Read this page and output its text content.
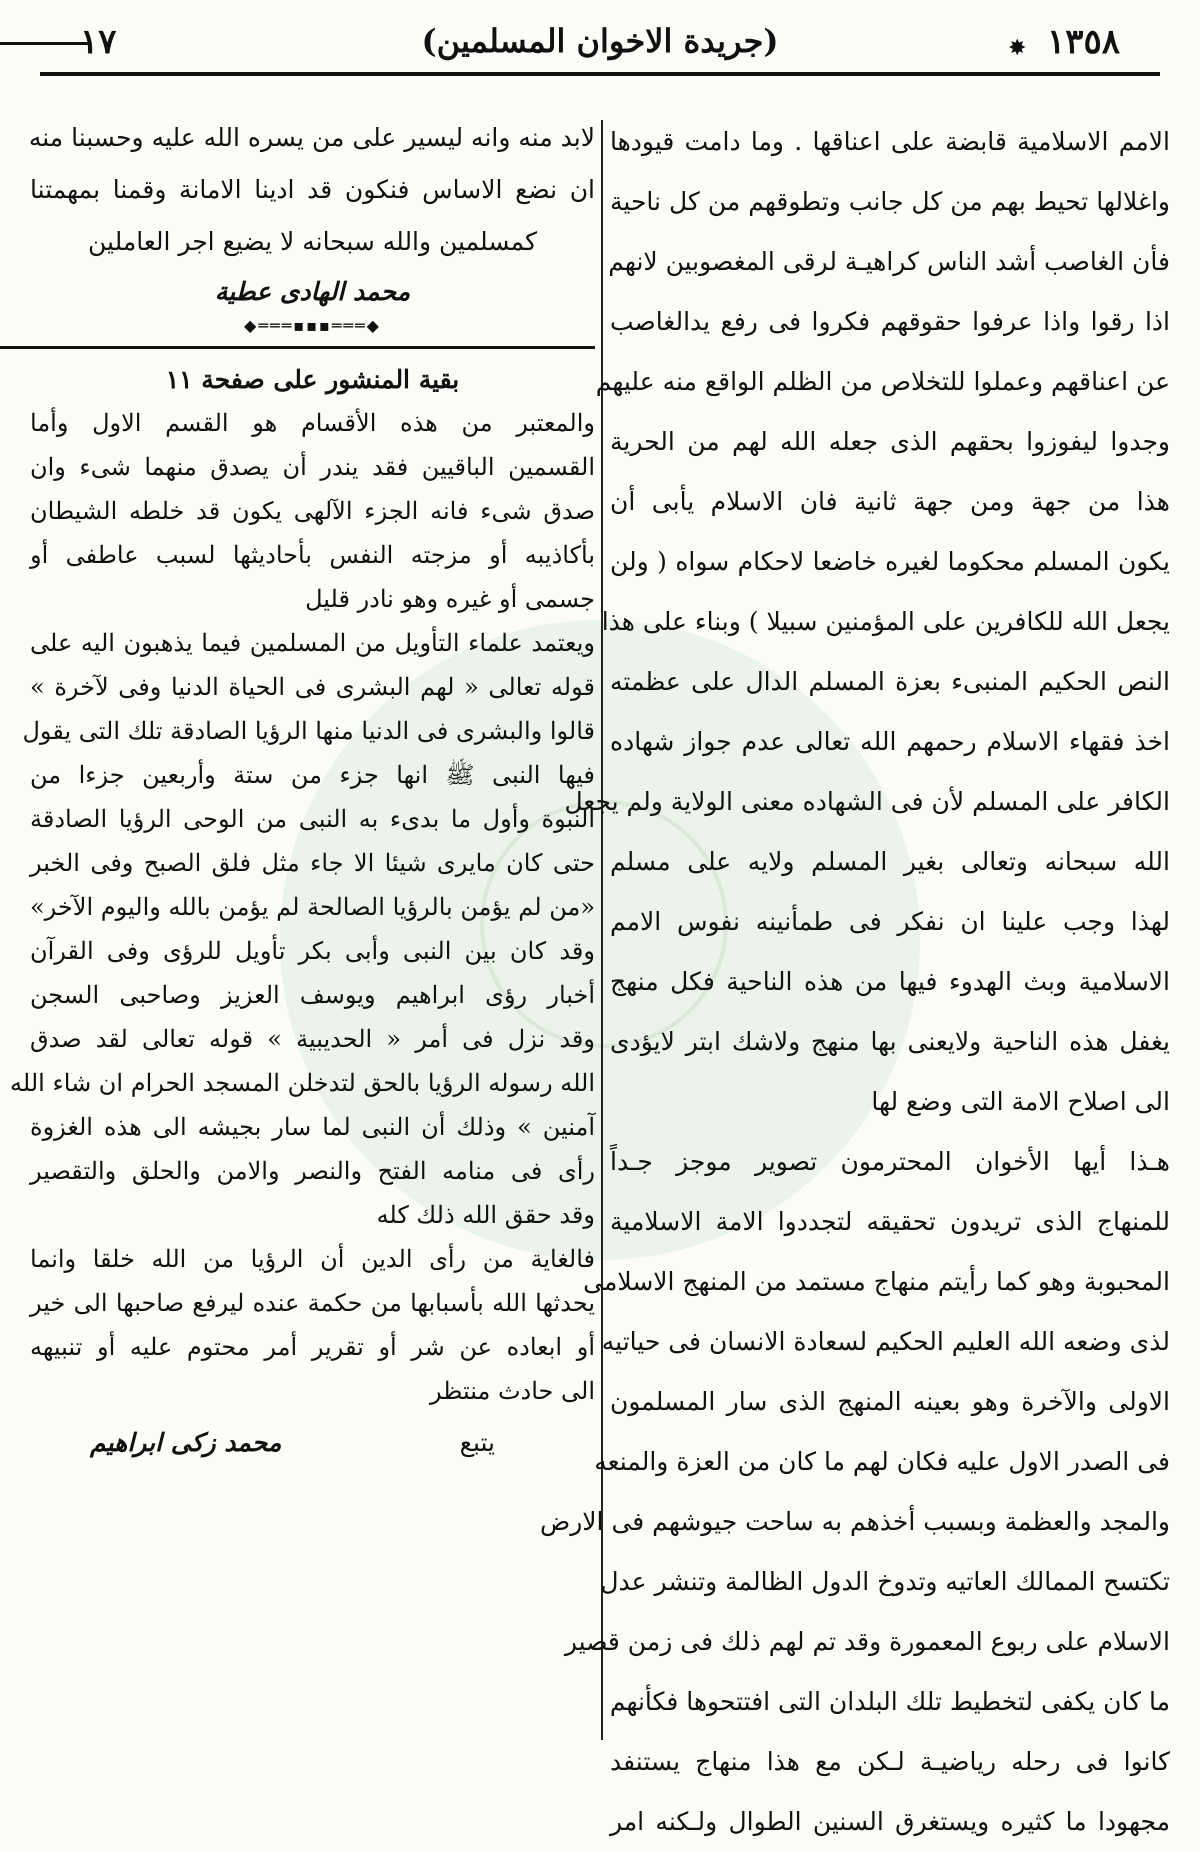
١٣٥٨
(جريدة الاخوان المسلمين)	✸
١٧
الامم الاسلامية قابضة على اعناقها . وما دامت قيودها
واغلالها تحيط بهم من كل جانب وتطوقهم من كل ناحية
فأن الغاصب أشد الناس كراهيـة لرقى المغصوبين لانهم
اذا رقوا واذا عرفوا حقوقهم فكروا فى رفع يدالغاصب
عن اعناقهم وعملوا للتخلاص من الظلم الواقع منه عليهم
وجدوا ليفوزوا بحقهم الذى جعله الله لهم من الحرية
هذا من جهة ومن جهة ثانية فان الاسلام يأبى أن
يكون المسلم محكوما لغيره خاضعا لاحكام سواه ( ولن
يجعل الله للكافرين على المؤمنين سبيلا ) وبناء على هذا
النص الحكيم المنبىء بعزة المسلم الدال على عظمته
اخذ فقهاء الاسلام رحمهم الله تعالى عدم جواز شهاده
الكافر على المسلم لأن فى الشهاده معنى الولاية ولم يجعل
الله سبحانه وتعالى بغير المسلم ولايه على مسلم
لهذا وجب علينا ان نفكر فى طمأنينه نفوس الامم
الاسلامية وبث الهدوء فيها من هذه الناحية فكل منهج
يغفل هذه الناحية ولايعنى بها منهج ولاشك ابتر لايؤدى
الى اصلاح الامة التى وضع لها
هـذا أيها الأخوان المحترمون تصوير موجز جـداً
للمنهاج الذى تريدون تحقيقه لتجددوا الامة الاسلامية
المحبوبة وهو كما رأيتم منهاج مستمد من المنهج الاسلامى
لذى وضعه الله العليم الحكيم لسعادة الانسان فى حياتيه
الاولى والآخرة وهو بعينه المنهج الذى سار المسلمون
فى الصدر الاول عليه فكان لهم ما كان من العزة والمنعه
والمجد والعظمة وبسبب أخذهم به ساحت جيوشهم فى الارض
تكتسح الممالك العاتيه وتدوخ الدول الظالمة وتنشر عدل
الاسلام على ربوع المعمورة وقد تم لهم ذلك فى زمن قصير
ما كان يكفى لتخطيط تلك البلدان التى افتتحوها فكأنهم
كانوا فى رحله رياضيـة لـكن مع هذا منهاج يستنفد
مجهودا ما كثيره ويستغرق السنين الطوال ولـكنه امر
لابد منه وانه ليسير على من يسره الله عليه وحسبنا منه
ان نضع الاساس فنكون قد ادينا الامانة وقمنا بمهمتنا
كمسلمين والله سبحانه لا يضيع اجر العاملين
محمد الهادى عطية
◆═══▪▪▪═══◆
بقية المنشور على صفحة ١١
والمعتبر من هذه الأقسام هو القسم الاول وأما
القسمين الباقيين فقد يندر أن يصدق منهما شىء وان
صدق شىء فانه الجزء الآلهى يكون قد خلطه الشيطان
بأكاذيبه أو مزجته النفس بأحاديثها لسبب عاطفى أو
جسمى أو غيره وهو نادر قليل
ويعتمد علماء التأويل من المسلمين فيما يذهبون اليه على
قوله تعالى « لهم البشرى فى الحياة الدنيا وفى لآخرة »
قالوا والبشرى فى الدنيا منها الرؤيا الصادقة تلك التى يقول
فيها النبى ﷺ انها جزء من ستة وأربعين جزءا من
النبوة وأول ما بدىء به النبى من الوحى الرؤيا الصادقة
حتى كان مايرى شيئا الا جاء مثل فلق الصبح وفى الخبر
«من لم يؤمن بالرؤيا الصالحة لم يؤمن بالله واليوم الآخر»
وقد كان بين النبى وأبى بكر تأويل للرؤى وفى القرآن
أخبار رؤى ابراهيم ويوسف العزيز وصاحبى السجن
وقد نزل فى أمر « الحديبية » قوله تعالى لقد صدق
الله رسوله الرؤيا بالحق لتدخلن المسجد الحرام ان شاء الله
آمنين » وذلك أن النبى لما سار بجيشه الى هذه الغزوة
رأى فى منامه الفتح والنصر والامن والحلق والتقصير
وقد حقق الله ذلك كله
فالغاية من رأى الدين أن الرؤيا من الله خلقا وانما
يحدثها الله بأسبابها من حكمة عنده ليرفع صاحبها الى خير
أو ابعاده عن شر أو تقرير أمر محتوم عليه أو تنبيهه
الى حادث منتظر
يتبع
محمد زكى ابراهيم
